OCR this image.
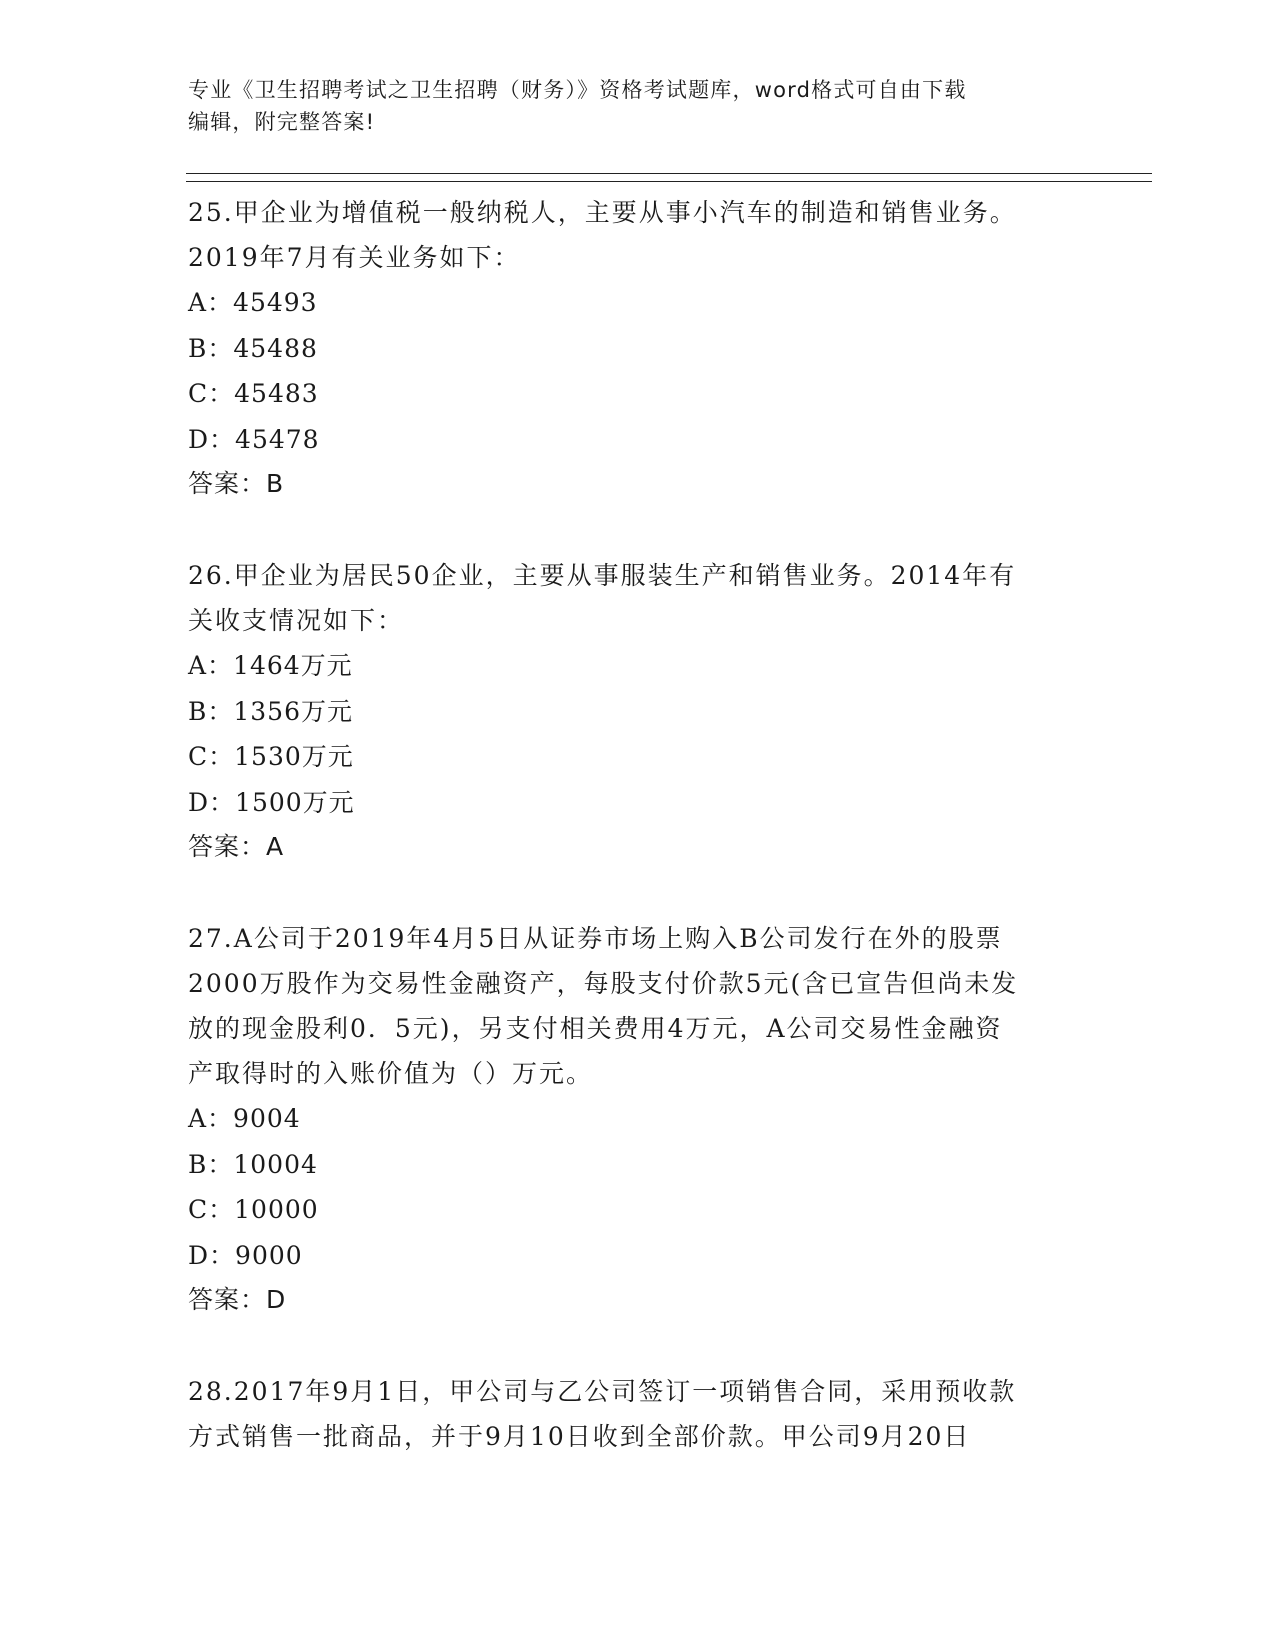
专业《卫生招聘考试之卫生招聘（财务）》资格考试题库，word格式可自由下载
编辑，附完整答案!

25.甲企业为增值税一般纳税人，主要从事小汽车的制造和销售业务。

2019年7月有关业务如下：

A：45493

B：45488

C：45483

D：45478

答案：B

26.甲企业为居民50企业，主要从事服装生产和销售业务。2014年有

关收支情况如下：

A：1464万元

B：1356万元

C：1530万元

D：1500万元

答案：A

27.A公司于2019年4月5日从证券市场上购入B公司发行在外的股票

2000万股作为交易性金融资产，每股支付价款5元(含已宣告但尚未发

放的现金股利0．5元)，另支付相关费用4万元，A公司交易性金融资

产取得时的入账价值为（）万元。

A：9004

B：10004

C：10000

D：9000

答案：D

28.2017年9月1日，甲公司与乙公司签订一项销售合同，采用预收款

方式销售一批商品，并于9月10日收到全部价款。甲公司9月20日
